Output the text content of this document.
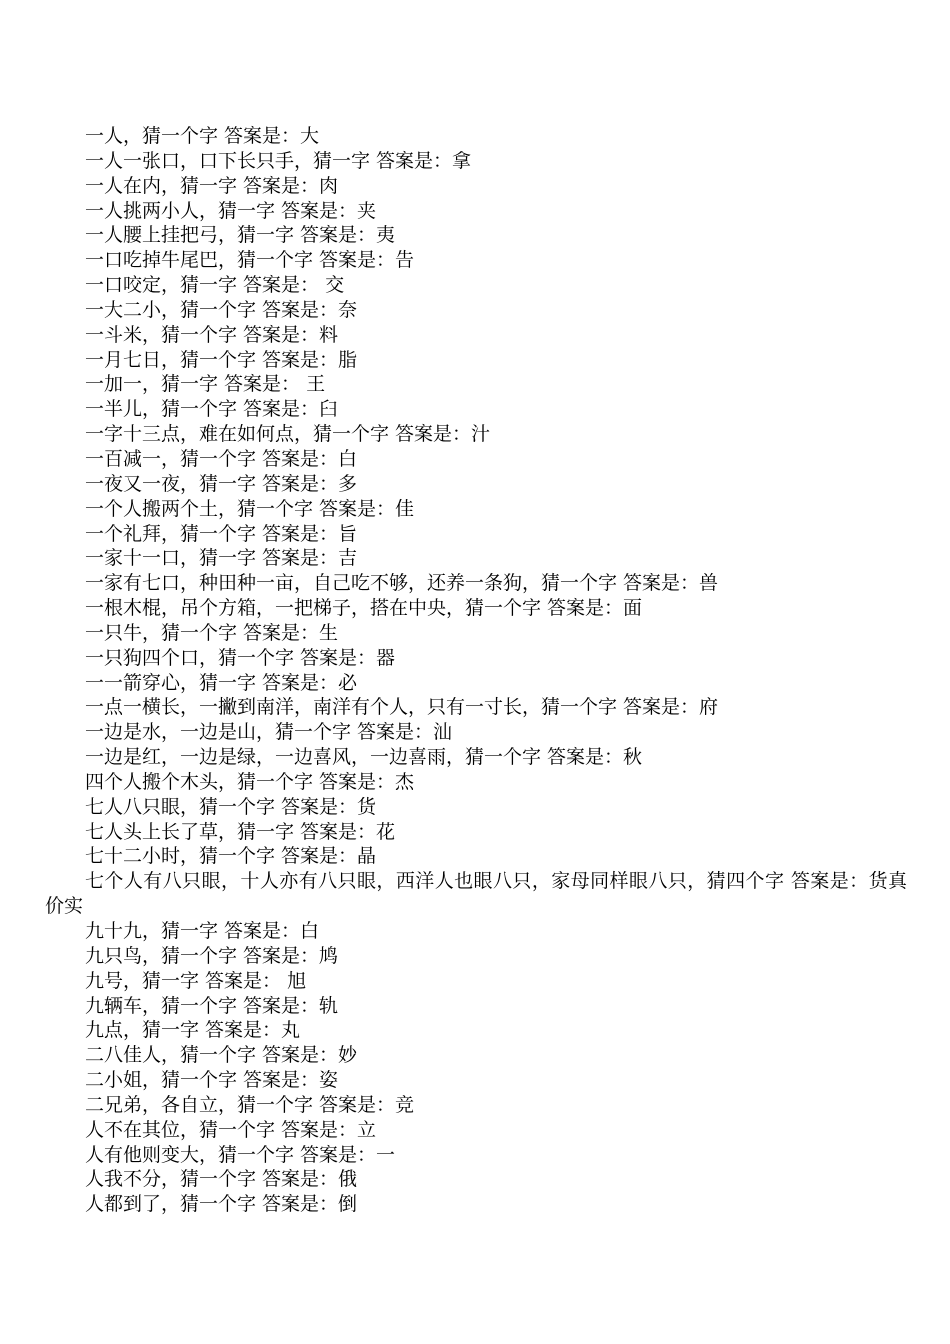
一人，猜一个字 答案是：大
一人一张口，口下长只手，猜一字 答案是：拿
一人在内，猜一字 答案是：肉
一人挑两小人，猜一字 答案是：夹
一人腰上挂把弓，猜一字 答案是：夷
一口吃掉牛尾巴，猜一个字 答案是：告
一口咬定，猜一字 答案是： 交
一大二小，猜一个字 答案是：奈
一斗米，猜一个字 答案是：料
一月七日，猜一个字 答案是：脂
一加一，猜一字 答案是： 王
一半儿，猜一个字 答案是：臼
一字十三点，难在如何点，猜一个字 答案是：汁
一百减一，猜一个字 答案是：白
一夜又一夜，猜一字 答案是：多
一个人搬两个土，猜一个字 答案是：佳
一个礼拜，猜一个字 答案是：旨
一家十一口，猜一字 答案是：吉
一家有七口，种田种一亩，自己吃不够，还养一条狗，猜一个字 答案是：兽
一根木棍，吊个方箱，一把梯子，搭在中央，猜一个字 答案是：面
一只牛，猜一个字 答案是：生
一只狗四个口，猜一个字 答案是：器
一一箭穿心，猜一字 答案是：必
一点一横长，一撇到南洋，南洋有个人，只有一寸长，猜一个字 答案是：府
一边是水，一边是山，猜一个字 答案是：汕
一边是红，一边是绿，一边喜风，一边喜雨，猜一个字 答案是：秋
四个人搬个木头，猜一个字 答案是：杰
七人八只眼，猜一个字 答案是：货
七人头上长了草，猜一字 答案是：花
七十二小时，猜一个字 答案是：晶
七个人有八只眼，十人亦有八只眼，西洋人也眼八只，家母同样眼八只，猜四个字 答案是：货真价实
九十九，猜一字 答案是：白
九只鸟，猜一个字 答案是：鸠
九号，猜一字 答案是： 旭
九辆车，猜一个字 答案是：轨
九点，猜一字 答案是：丸
二八佳人，猜一个字 答案是：妙
二小姐，猜一个字 答案是：姿
二兄弟，各自立，猜一个字 答案是：竞
人不在其位，猜一个字 答案是：立
人有他则变大，猜一个字 答案是：一
人我不分，猜一个字 答案是：俄
人都到了，猜一个字 答案是：倒
